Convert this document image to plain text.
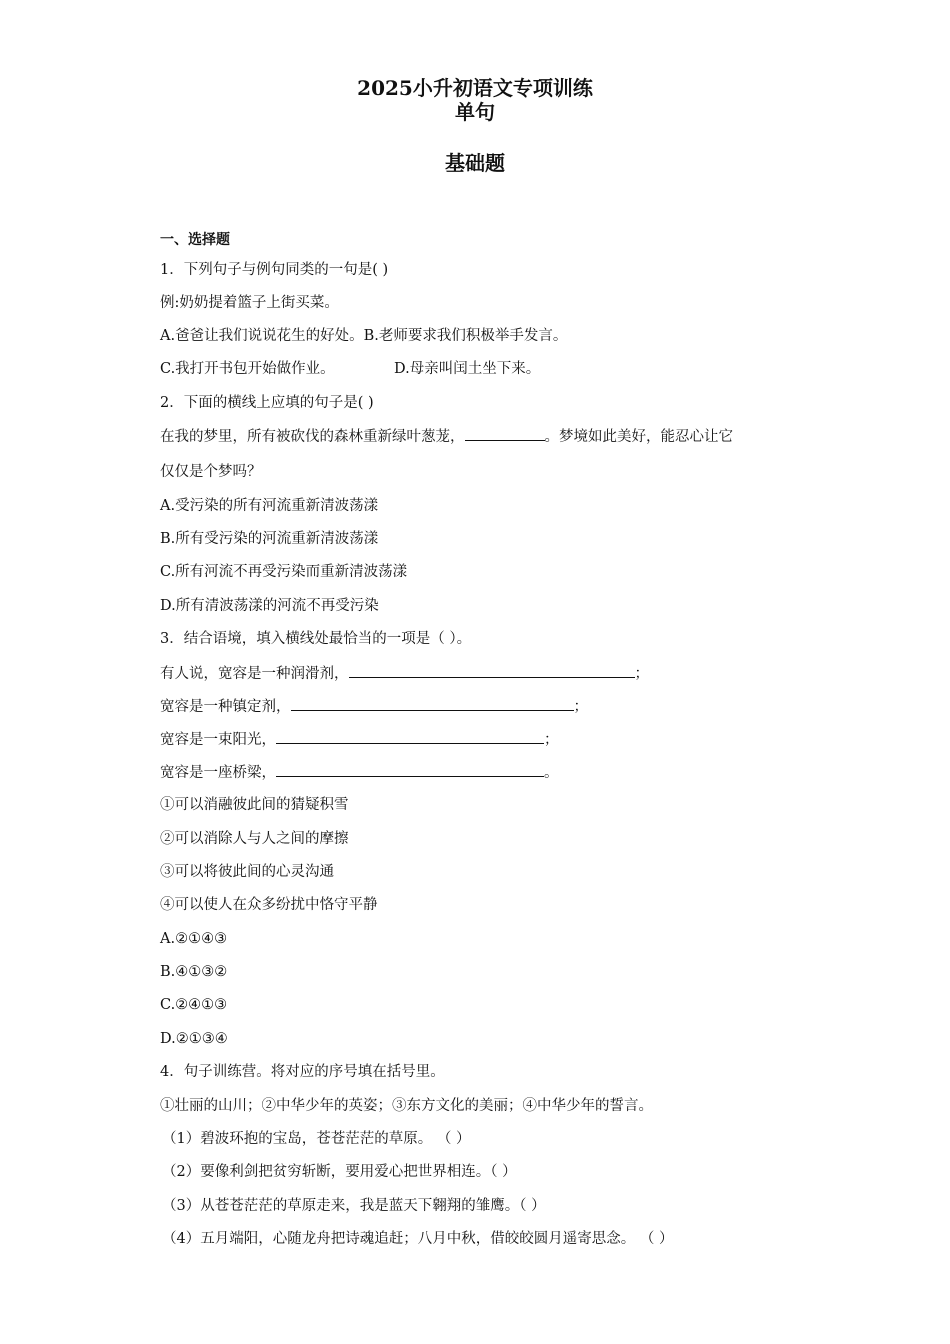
2025小升初语文专项训练
单句
基础题
一、选择题
1．下列句子与例句同类的一句是( )
例:奶奶提着篮子上街买菜。
A.爸爸让我们说说花生的好处。B.老师要求我们积极举手发言。
C.我打开书包开始做作业。	D.母亲叫闰土坐下来。
2．下面的横线上应填的句子是( )
在我的梦里，所有被砍伐的森林重新绿叶葱茏，	。梦境如此美好，能忍心让它
仅仅是个梦吗？
A.受污染的所有河流重新清波荡漾
B.所有受污染的河流重新清波荡漾
C.所有河流不再受污染而重新清波荡漾
D.所有清波荡漾的河流不再受污染
3．结合语境，填入横线处最恰当的一项是（ ）。
有人说，宽容是一种润滑剂，	；
宽容是一种镇定剂，	；
宽容是一束阳光，	；
宽容是一座桥梁，	。
①可以消融彼此间的猜疑积雪
②可以消除人与人之间的摩擦
③可以将彼此间的心灵沟通
④可以使人在众多纷扰中恪守平静
A.②①④③
B.④①③②
C.②④①③
D.②①③④
4．句子训练营。将对应的序号填在括号里。
①壮丽的山川；②中华少年的英姿；③东方文化的美丽；④中华少年的誓言。
（1）碧波环抱的宝岛，苍苍茫茫的草原。 （ ）
（2）要像利剑把贫穷斩断，要用爱心把世界相连。（ ）
（3）从苍苍茫茫的草原走来，我是蓝天下翱翔的雏鹰。（ ）
（4）五月端阳，心随龙舟把诗魂追赶；八月中秋，借皎皎圆月遥寄思念。 （ ）
